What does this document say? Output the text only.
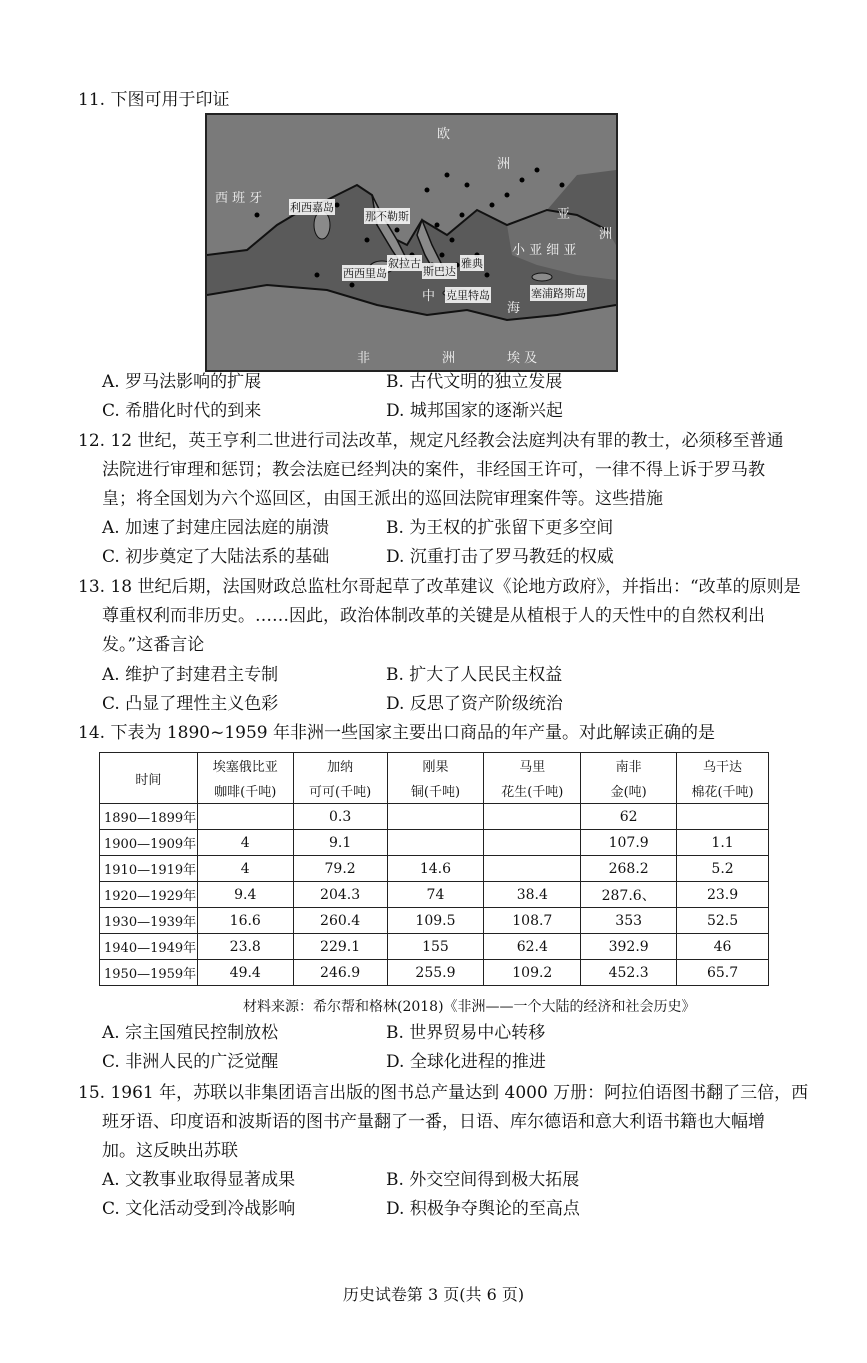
11. 下图可用于印证
欧
洲
西 班 牙
利西嘉岛
那不勒斯	亚
洲
小 亚 细 亚
西西里岛
叙拉古
斯巴达
雅典
克里特岛	塞浦路斯岛
中
海
非	洲	埃 及
A. 罗马法影响的扩展	B. 古代文明的独立发展
C. 希腊化时代的到来	D. 城邦国家的逐渐兴起
12. 12 世纪，英王亨利二世进行司法改革，规定凡经教会法庭判决有罪的教士，必须移至普通
法院进行审理和惩罚；教会法庭已经判决的案件，非经国王许可，一律不得上诉于罗马教
皇；将全国划为六个巡回区，由国王派出的巡回法院审理案件等。这些措施
A. 加速了封建庄园法庭的崩溃	B. 为王权的扩张留下更多空间
C. 初步奠定了大陆法系的基础	D. 沉重打击了罗马教廷的权威
13. 18 世纪后期，法国财政总监杜尔哥起草了改革建议《论地方政府》，并指出：“改革的原则是
尊重权利而非历史。……因此，政治体制改革的关键是从植根于人的天性中的自然权利出
发。”这番言论
A. 维护了封建君主专制	B. 扩大了人民民主权益
C. 凸显了理性主义色彩	D. 反思了资产阶级统治
14. 下表为 1890~1959 年非洲一些国家主要出口商品的年产量。对此解读正确的是
时间	埃塞俄比亚	加纳	刚果	马里	南非	乌干达
	咖啡(千吨)	可可(千吨)	铜(千吨)	花生(千吨)	金(吨)	棉花(千吨)
1890—1899年		0.3			62	
1900—1909年	4	9.1			107.9	1.1
1910—1919年	4	79.2	14.6		268.2	5.2
1920—1929年	9.4	204.3	74	38.4	287.6、	23.9
1930—1939年	16.6	260.4	109.5	108.7	353	52.5
1940—1949年	23.8	229.1	155	62.4	392.9	46
1950—1959年	49.4	246.9	255.9	109.2	452.3	65.7
材料来源：希尔帮和格林(2018)《非洲——一个大陆的经济和社会历史》
A. 宗主国殖民控制放松	B. 世界贸易中心转移
C. 非洲人民的广泛觉醒	D. 全球化进程的推进
15. 1961 年，苏联以非集团语言出版的图书总产量达到 4000 万册：阿拉伯语图书翻了三倍，西
班牙语、印度语和波斯语的图书产量翻了一番，日语、库尔德语和意大利语书籍也大幅增
加。这反映出苏联
A. 文教事业取得显著成果	B. 外交空间得到极大拓展
C. 文化活动受到冷战影响	D. 积极争夺舆论的至高点
历史试卷第 3 页(共 6 页)
